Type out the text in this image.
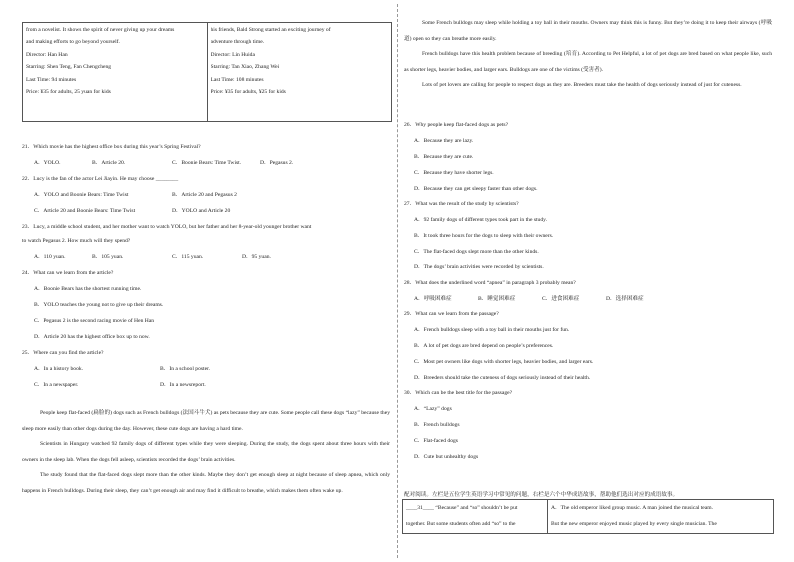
from a novelist. It shows the spirit of never giving up your dreams
and making efforts to go beyond yourself.
Director: Han Han
Starring: Shen Teng, Fan Chengcheng
Last Time: 94 minutes
Price: ¥35 for adults, 25 yuan for kids

his friends, Bald Strong started an exciting journey of
adventure through time.
Director: Lin Huida
Starring: Tan Xiao, Zhang Wei
Last Time: 108 minutes
Price: ¥35 for adults, ¥25 for kids
21．Which movie has the highest office box during this year’s Spring Festival?
A．YOLO.	B．Article 20.	C．Boonie Bears: Time Twist.	D．Pegasus 2.
22．Lucy is the fan of the actor Lei Jiayin. He may choose ________
A．YOLO and Boonie Bears: Time Twist	B．Article 20 and Pegasus 2
C．Article 20 and Boonie Bears: Time Twist	D．YOLO and Article 20
23．Lucy, a middle school student, and her mother want to watch YOLO, but her father and her 8-year-old younger brother want
to watch Pegasus 2. How much will they spend?
A．110 yuan.	B．105 yuan.	C．115 yuan.	D．95 yuan.
24．What can we learn from the article?
A．Boonie Bears has the shortest running time.
B．YOLO teaches the young not to give up their dreams.
C．Pegasus 2 is the second racing movie of Hen Han
D．Article 20 has the highest office box up to now.
25．Where can you find the article?
A．In a history book.	B．In a school poster.
C．In a newspaper.	D．In a newsreport.

People keep flat-faced (扁脸的) dogs such as French bulldogs (法国斗牛犬) as pets because they are cute. Some people call these dogs “lazy” because they sleep more easily than other dogs during the day. However, these cute dogs are having a hard time.

Scientists in Hungary watched 92 family dogs of different types while they were sleeping. During the study, the dogs spent about three hours with their owners in the sleep lab. When the dogs fell asleep, scientists recorded the dogs’ brain activities.

The study found that the flat-faced dogs slept more than the other kinds. Maybe they don’t get enough sleep at night because of sleep apnea, which only happens in French bulldogs. During their sleep, they can’t get enough air and may find it difficult to breathe, which makes them often wake up.

Some French bulldogs may sleep while holding a toy ball in their mouths. Owners may think this is funny. But they’re doing it to keep their airways (呼吸道) open so they can breathe more easily.

French bulldogs have this health problem because of breeding (培育). According to Pet Helpful, a lot of pet dogs are bred based on what people like, such as shorter legs, heavier bodies, and larger ears. Bulldogs are one of the victims (受害者).

Lots of pet lovers are calling for people to respect dogs as they are. Breeders must take the health of dogs seriously instead of just for cuteness.

26．Why people keep flat-faced dogs as pets?
A．Because they are lazy.
B．Because they are cute.
C．Because they have shorter legs.
D．Because they can get sleepy faster than other dogs.
27．What was the result of the study by scientists?
A．92 family dogs of different types took part in the study.
B．It took three hours for the dogs to sleep with their owners.
C．The flat-faced dogs slept more than the other kinds.
D．The dogs’ brain activities were recorded by scientists.
28．What does the underlined word “apnea” in paragraph 3 probably mean?
A．呼吸困难症	B．睡觉困难症	C．进食困难症	D．选择困难症
29．What can we learn from the passage?
A．French bulldogs sleep with a toy ball in their mouths just for fun.
B．A lot of pet dogs are bred depend on people’s preferences.
C．Most pet owners like dogs with shorter legs, heavier bodies, and larger ears.
D．Breeders should take the cuteness of dogs seriously instead of their health.
30．Which can be the best title for the passage?
A．“Lazy” dogs
B．French bulldogs
C．Flat-faced dogs
D．Cute but unhealthy dogs
配对阅读。左栏是五位学生英语学习中常见的问题，右栏是六个中华成语故事，帮助他们选出对应的成语故事。
____31____ “Because” and “so” shouldn’t be put
together. But some students often add “so” to the

A．The old emperor liked group music. A man joined the musical team.
But the new emperor enjoyed music played by every single musician. The
